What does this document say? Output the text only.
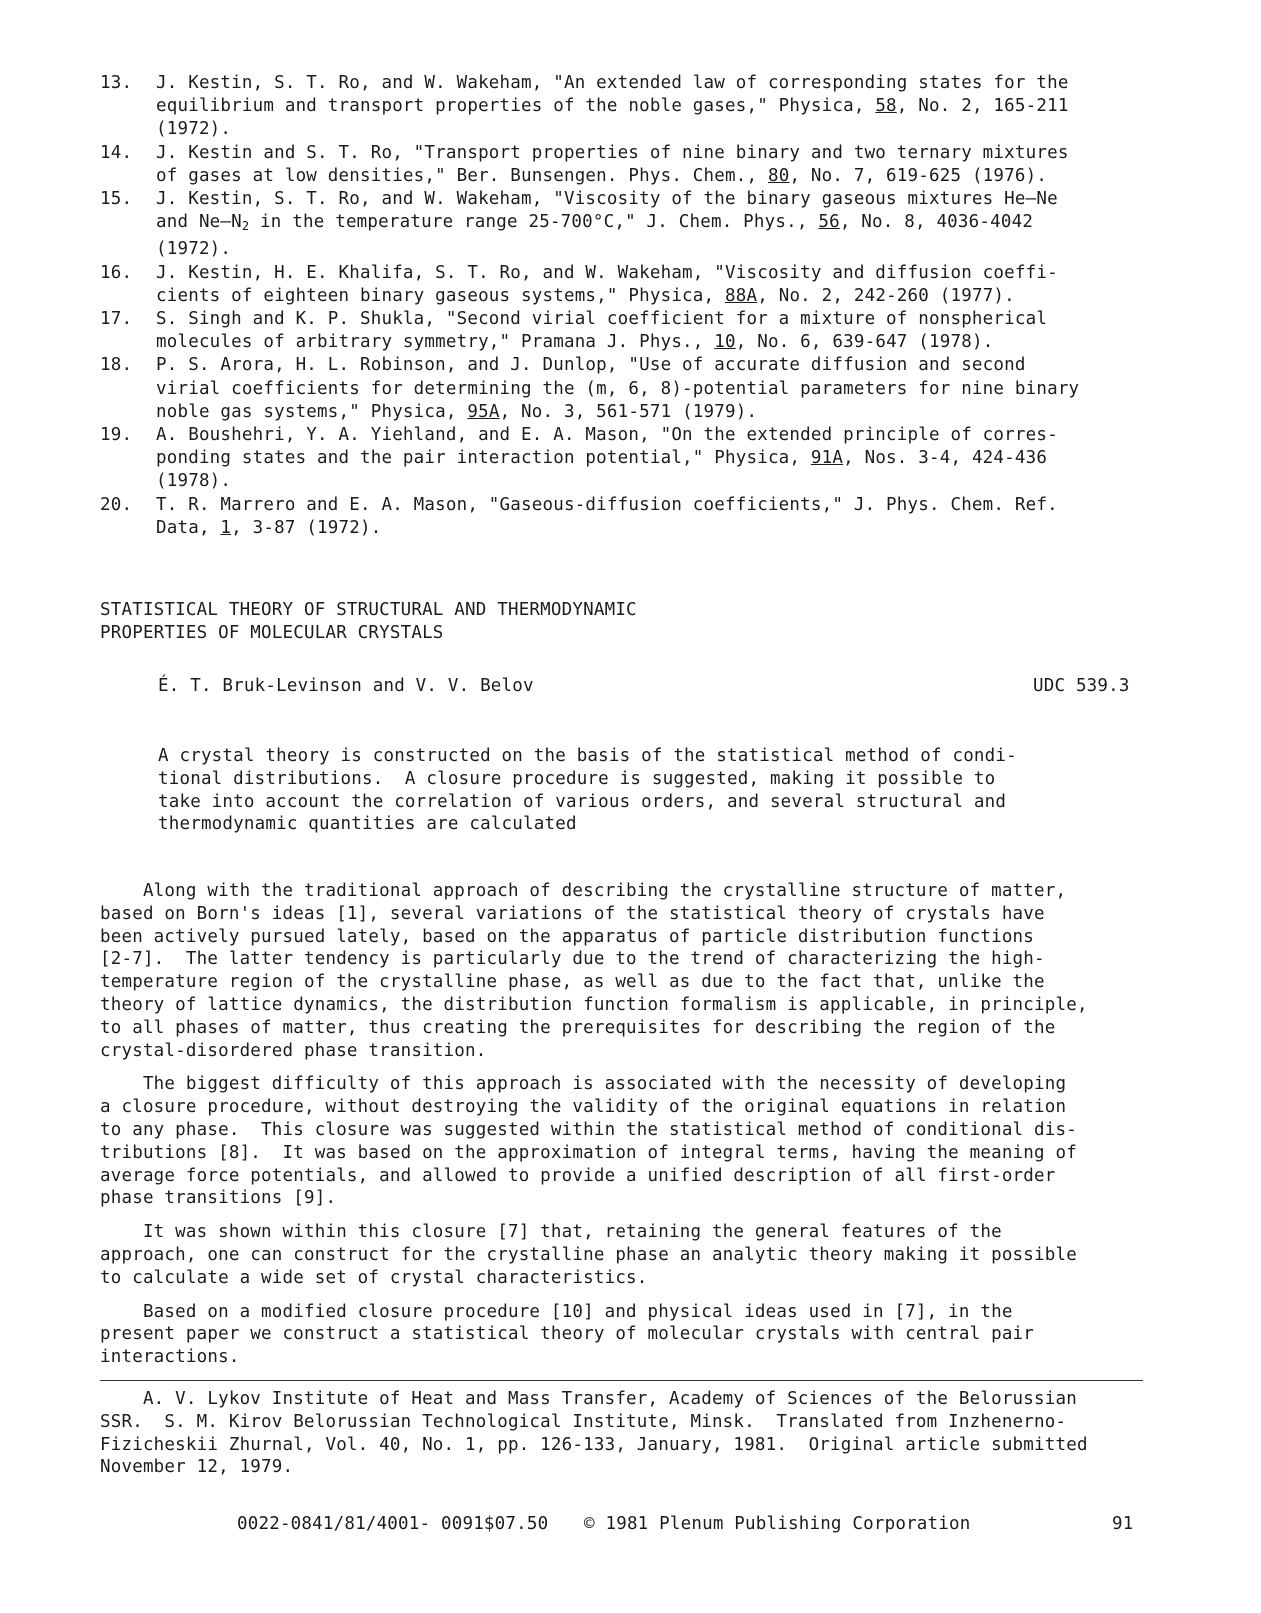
13.	J. Kestin, S. T. Ro, and W. Wakeham, "An extended law of corresponding states for the
equilibrium and transport properties of the noble gases," Physica, 58, No. 2, 165-211
(1972).
14.	J. Kestin and S. T. Ro, "Transport properties of nine binary and two ternary mixtures
of gases at low densities," Ber. Bunsengen. Phys. Chem., 80, No. 7, 619-625 (1976).
15.	J. Kestin, S. T. Ro, and W. Wakeham, "Viscosity of the binary gaseous mixtures He—Ne
and $Ne—N_2$ in the temperature range 25-700°C," J. Chem. Phys., 56, No. 8, 4036-4042
(1972).
16.	J. Kestin, H. E. Khalifa, S. T. Ro, and W. Wakeham, "Viscosity and diffusion coeffi-
cients of eighteen binary gaseous systems," Physica, 88A, No. 2, 242-260 (1977).
17.	S. Singh and K. P. Shukla, "Second virial coefficient for a mixture of nonspherical
molecules of arbitrary symmetry," Pramana J. Phys., 10, No. 6, 639-647 (1978).
18.	P. S. Arora, H. L. Robinson, and J. Dunlop, "Use of accurate diffusion and second
virial coefficients for determining the (m, 6, 8)-potential parameters for nine binary
noble gas systems," Physica, 95A, No. 3, 561-571 (1979).
19.	A. Boushehri, Y. A. Yiehland, and E. A. Mason, "On the extended principle of corres-
ponding states and the pair interaction potential," Physica, 91A, Nos. 3-4, 424-436
(1978).
20.	T. R. Marrero and E. A. Mason, "Gaseous-diffusion coefficients," J. Phys. Chem. Ref.
Data, 1, 3-87 (1972).
STATISTICAL THEORY OF STRUCTURAL AND THERMODYNAMIC
PROPERTIES OF MOLECULAR CRYSTALS
É. T. Bruk-Levinson and V. V. Belov	UDC 539.3
A crystal theory is constructed on the basis of the statistical method of condi-
tional distributions.  A closure procedure is suggested, making it possible to
take into account the correlation of various orders, and several structural and
thermodynamic quantities are calculated
Along with the traditional approach of describing the crystalline structure of matter,
based on Born's ideas [1], several variations of the statistical theory of crystals have
been actively pursued lately, based on the apparatus of particle distribution functions
[2-7].  The latter tendency is particularly due to the trend of characterizing the high-
temperature region of the crystalline phase, as well as due to the fact that, unlike the
theory of lattice dynamics, the distribution function formalism is applicable, in principle,
to all phases of matter, thus creating the prerequisites for describing the region of the
crystal-disordered phase transition.
The biggest difficulty of this approach is associated with the necessity of developing
a closure procedure, without destroying the validity of the original equations in relation
to any phase.  This closure was suggested within the statistical method of conditional dis-
tributions [8].  It was based on the approximation of integral terms, having the meaning of
average force potentials, and allowed to provide a unified description of all first-order
phase transitions [9].
It was shown within this closure [7] that, retaining the general features of the
approach, one can construct for the crystalline phase an analytic theory making it possible
to calculate a wide set of crystal characteristics.
Based on a modified closure procedure [10] and physical ideas used in [7], in the
present paper we construct a statistical theory of molecular crystals with central pair
interactions.
A. V. Lykov Institute of Heat and Mass Transfer, Academy of Sciences of the Belorussian
SSR.  S. M. Kirov Belorussian Technological Institute, Minsk.  Translated from Inzhenerno-
Fizicheskii Zhurnal, Vol. 40, No. 1, pp. 126-133, January, 1981.  Original article submitted
November 12, 1979.
0022-0841/81/4001- 0091$07.50 © 1981 Plenum Publishing Corporation	91
